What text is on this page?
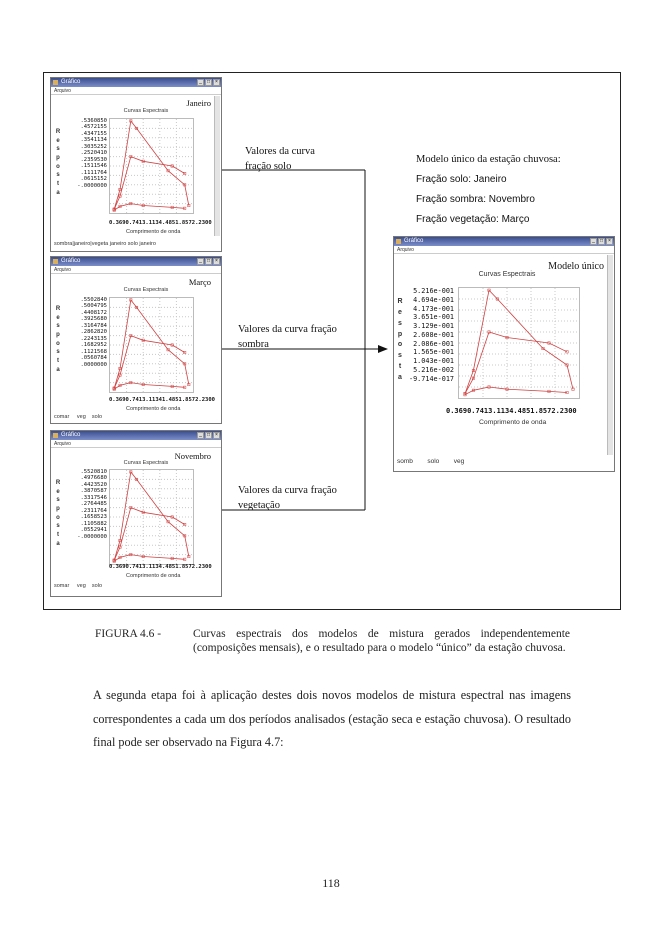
Gráfico	_	□	×
Arquivo
Janeiro
Curvas Espectrais
R
e
s
p
o
s
t
a
.5360850
.4572155
.4347155
.3541134
.3035252
.2520410
.2359530
.1511546
.1111764
.0615152
-.0000000
0.3690.7413.1134.4851.8572.2300
Comprimento de onda
sombra|janeiro|vegeta janeiro solo janeiro
Gráfico	_	□	×
Arquivo
Março
Curvas Espectrais
R
e
s
p
o
s
t
a
.5502840
.5004795
.4408172
.3925680
.3164784
.2862820
.2243135
.1682952
.1121568
.0560784
.0000000
0.3690.7413.11341.4851.8572.2300
Comprimento de onda
comar veg solo
Gráfico	_	□	×
Arquivo
Novembro
Curvas Espectrais
R
e
s
p
o
s
t
a
.5520810
.4976680
.4423520
.3870587
.3317546
.2764485
.2311764
.1658523
.1105882
.0552941
-.0000000
0.3690.7413.1134.4851.8572.2300
Comprimento de onda
somar veg solo
Gráfico	_	□	×
Arquivo
Modelo único
Curvas Espectrais
R
e
s
p
o
s
t
a
5.216e-001
4.694e-001
4.173e-001
3.651e-001
3.129e-001
2.608e-001
2.086e-001
1.565e-001
1.043e-001
5.216e-002
-9.714e-017
0.3690.7413.1134.4851.8572.2300
Comprimento de onda
somb solo veg
Valores da curva
fração solo
Valores da curva fração
sombra
Valores da curva fração
vegetação
Modelo único da estação chuvosa:
Fração solo: Janeiro
Fração sombra: Novembro
Fração vegetação: Março
FIGURA 4.6 -	Curvas espectrais dos modelos de mistura gerados independentemente (composições mensais), e o resultado para o modelo “único” da estação chuvosa.
A segunda etapa foi à aplicação destes dois novos modelos de mistura espectral nas imagens correspondentes a cada um dos períodos analisados (estação seca e estação chuvosa). O resultado final pode ser observado na Figura 4.7:
118
